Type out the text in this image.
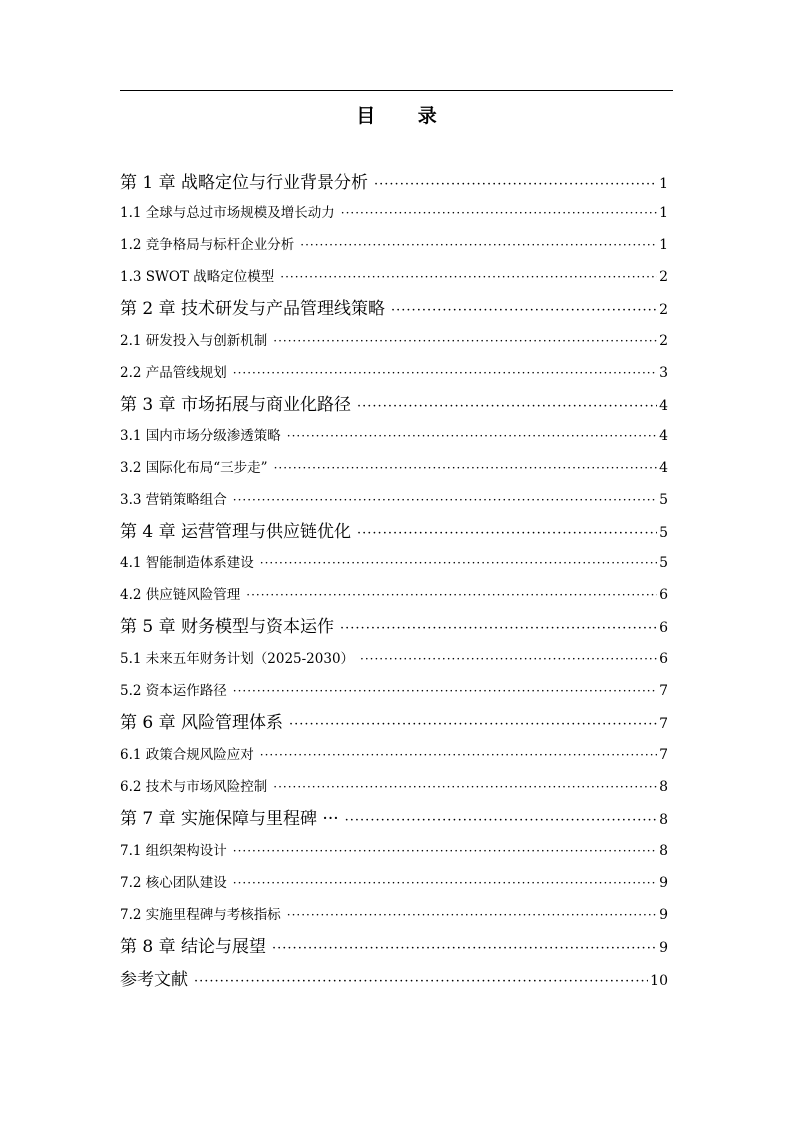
目 录
第 1 章 战略定位与行业背景分析 ·····	1
1.1 全球与总过市场规模及增长动力 ·····	1
1.2 竞争格局与标杆企业分析 ·····	1
1.3 SWOT 战略定位模型 ·····	2
第 2 章 技术研发与产品管理线策略 ·····	2
2.1 研发投入与创新机制 ·····	2
2.2 产品管线规划 ·····	3
第 3 章 市场拓展与商业化路径 ·····	4
3.1 国内市场分级渗透策略 ·····	4
3.2 国际化布局“三步走” ·····	4
3.3 营销策略组合 ·····	5
第 4 章 运营管理与供应链优化 ·····	5
4.1 智能制造体系建设 ·····	5
4.2 供应链风险管理 ·····	6
第 5 章 财务模型与资本运作 ·····	6
5.1 未来五年财务计划（2025-2030） ·····	6
5.2 资本运作路径 ·····	7
第 6 章 风险管理体系 ·····	7
6.1 政策合规风险应对 ·····	7
6.2 技术与市场风险控制 ·····	8
第 7 章 实施保障与里程碑 ··· ·····	8
7.1 组织架构设计 ·····	8
7.2 核心团队建设 ·····	9
7.2 实施里程碑与考核指标 ·····	9
第 8 章 结论与展望 ·····	9
参考文献 ·····	10
